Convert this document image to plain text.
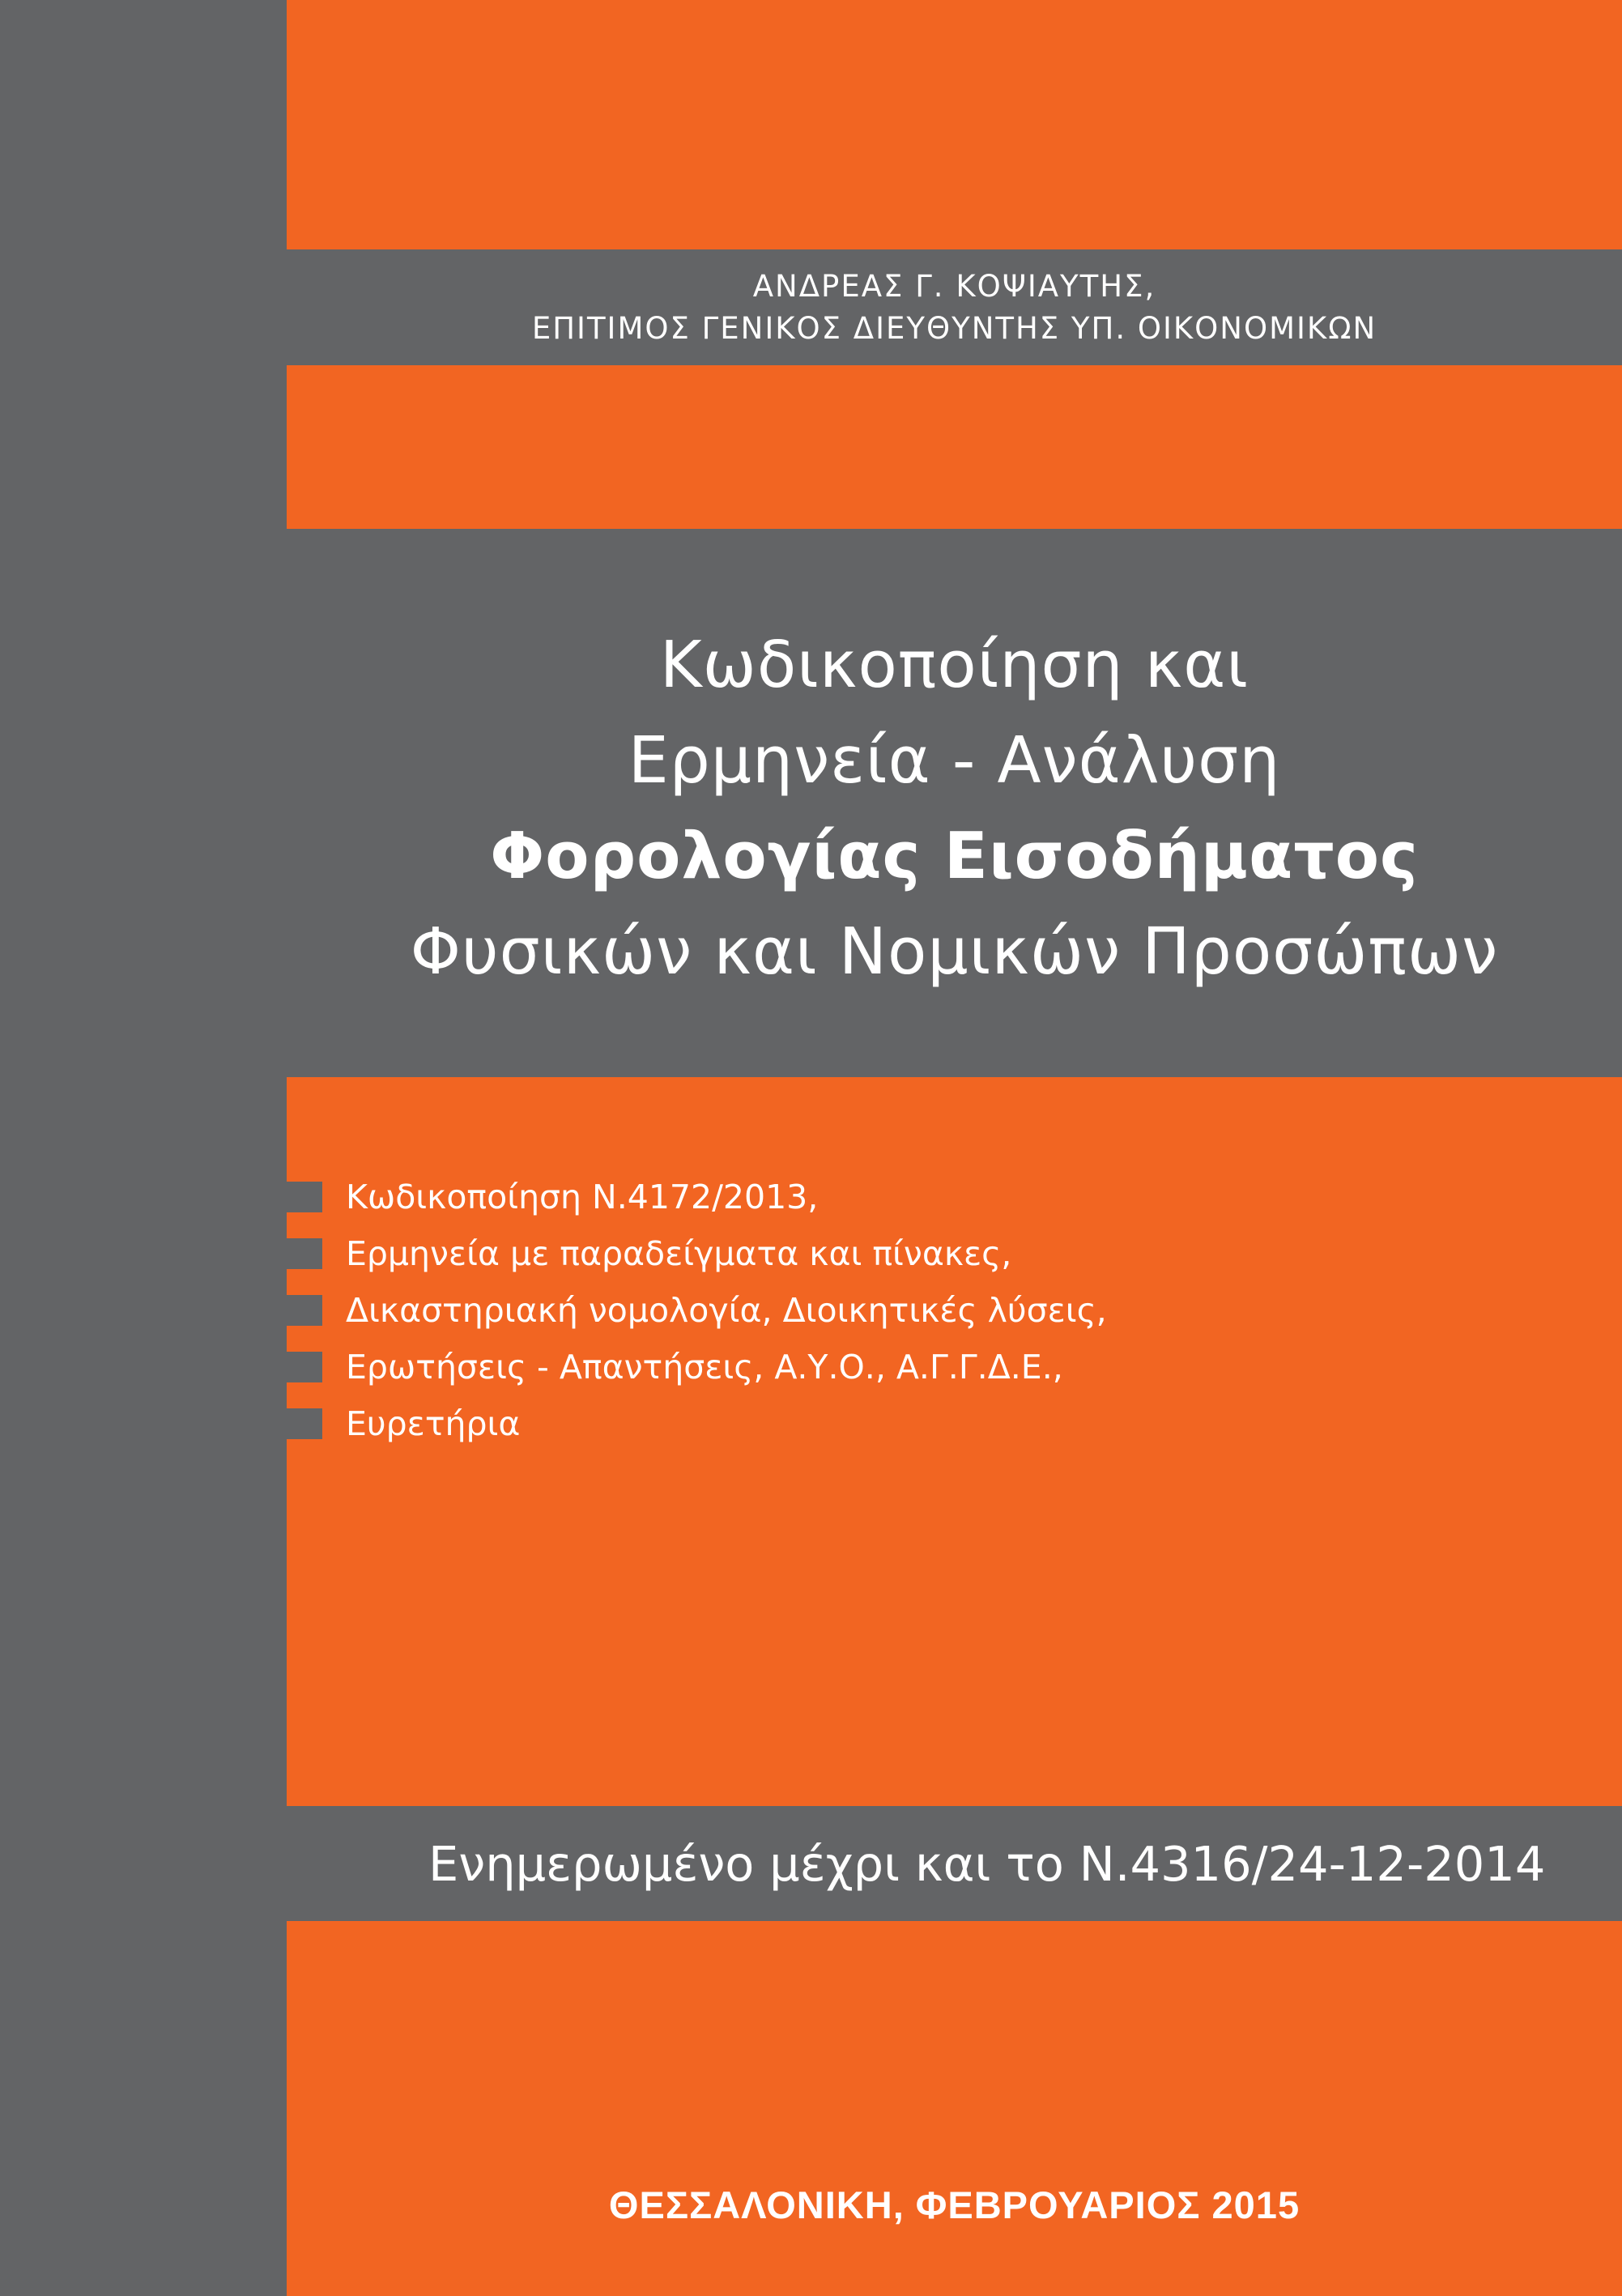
ΑΝΔΡΕΑΣ Γ. ΚΟΨΙΑΥΤΗΣ,
ΕΠΙΤΙΜΟΣ ΓΕΝΙΚΟΣ ΔΙΕΥΘΥΝΤΗΣ ΥΠ. ΟΙΚΟΝΟΜΙΚΩΝ
Κωδικοποίηση και
Ερμηνεία - Ανάλυση
Φορολογίας Εισοδήματος
Φυσικών και Νομικών Προσώπων
Κωδικοποίηση Ν.4172/2013,
Ερμηνεία με παραδείγματα και πίνακες,
Δικαστηριακή νομολογία, Διοικητικές λύσεις,
Ερωτήσεις - Απαντήσεις, Α.Υ.Ο., Α.Γ.Γ.Δ.Ε.,
Ευρετήρια
Ενημερωμένο μέχρι και το Ν.4316/24-12-2014
ΘΕΣΣΑΛΟΝΙΚΗ, ΦΕΒΡΟΥΑΡΙΟΣ 2015
